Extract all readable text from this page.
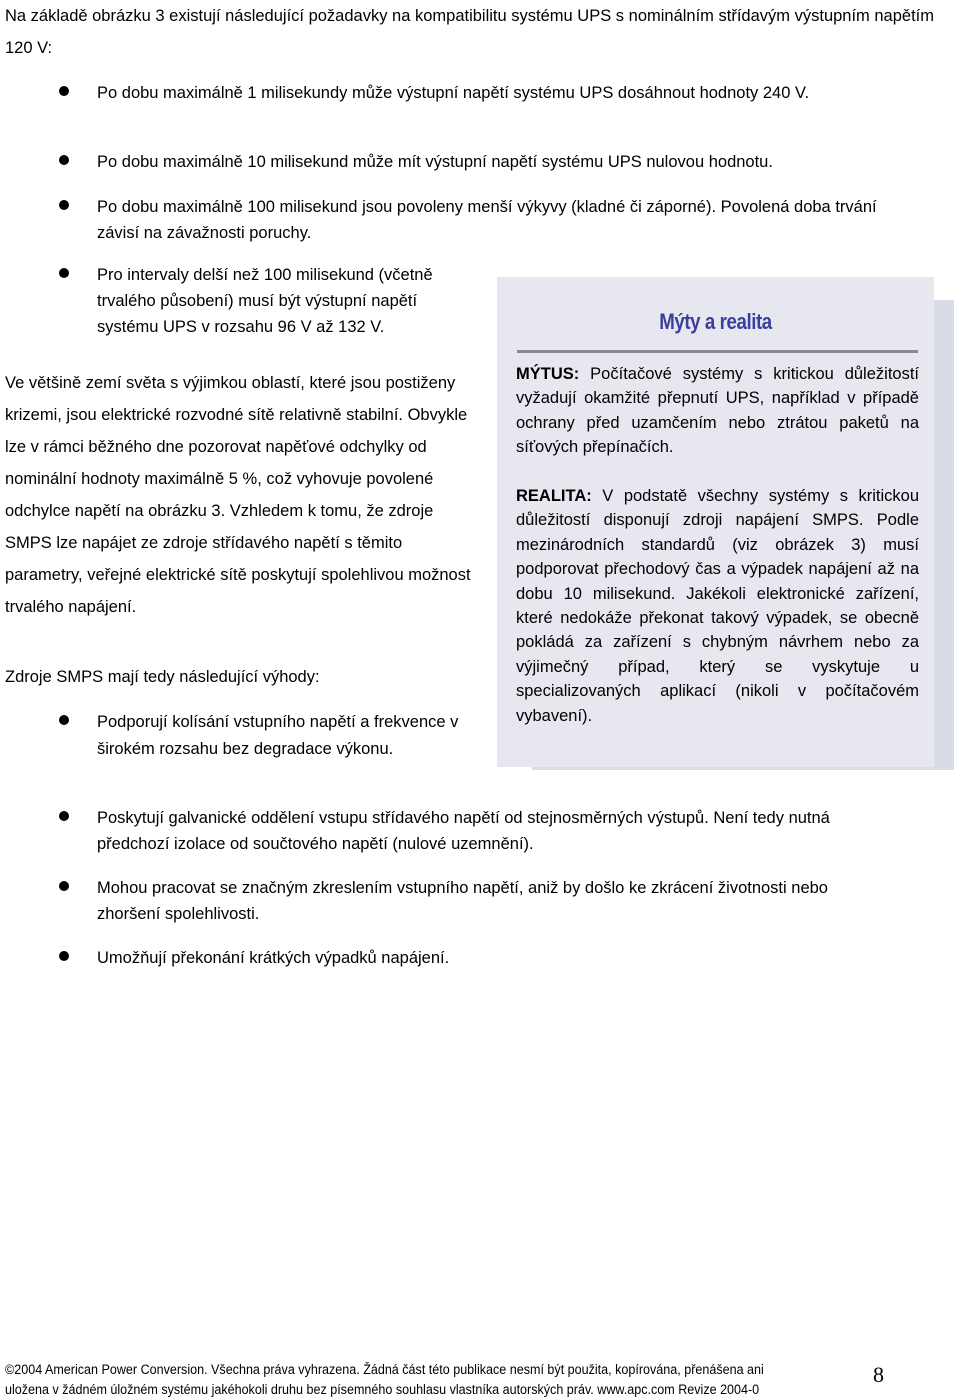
Na základě obrázku 3 existují následující požadavky na kompatibilitu systému UPS s nominálním střídavým výstupním napětím 120 V:

Po dobu maximálně 1 milisekundy může výstupní napětí systému UPS dosáhnout hodnoty 240 V.

Po dobu maximálně 10 milisekund může mít výstupní napětí systému UPS nulovou hodnotu.

Po dobu maximálně 100 milisekund jsou povoleny menší výkyvy (kladné či záporné). Povolená doba trvání závisí na závažnosti poruchy.

Pro intervaly delší než 100 milisekund (včetně trvalého působení) musí být výstupní napětí systému UPS v rozsahu 96 V až 132 V.

Ve většině zemí světa s výjimkou oblastí, které jsou postiženy krizemi, jsou elektrické rozvodné sítě relativně stabilní. Obvykle lze v rámci běžného dne pozorovat napěťové odchylky od nominální hodnoty maximálně 5 %, což vyhovuje povolené odchylce napětí na obrázku 3. Vzhledem k tomu, že zdroje SMPS lze napájet ze zdroje střídavého napětí s těmito parametry, veřejné elektrické sítě poskytují spolehlivou možnost trvalého napájení.

Zdroje SMPS mají tedy následující výhody:

Podporují kolísání vstupního napětí a frekvence v širokém rozsahu bez degradace výkonu.

Poskytují galvanické oddělení vstupu střídavého napětí od stejnosměrných výstupů. Není tedy nutná předchozí izolace od součtového napětí (nulové uzemnění).

Mohou pracovat se značným zkreslením vstupního napětí, aniž by došlo ke zkrácení životnosti nebo zhoršení spolehlivosti.

Umožňují překonání krátkých výpadků napájení.

Mýty a realita

MÝTUS: Počítačové systémy s kritickou důležitostí vyžadují okamžité přepnutí UPS, například v případě ochrany před uzamčením nebo ztrátou paketů na síťových přepínačích.

REALITA: V podstatě všechny systémy s kritickou důležitostí disponují zdroji napájení SMPS. Podle mezinárodních standardů (viz obrázek 3) musí podporovat přechodový čas a výpadek napájení až na dobu 10 milisekund. Jakékoli elektronické zařízení, které nedokáže překonat takový výpadek, se obecně pokládá za zařízení s chybným návrhem nebo za výjimečný případ, který se vyskytuje u specializovaných aplikací (nikoli v počítačovém vybavení).

©2004 American Power Conversion. Všechna práva vyhrazena. Žádná část této publikace nesmí být použita, kopírována, přenášena ani
uložena v žádném úložném systému jakéhokoli druhu bez písemného souhlasu vlastníka autorských práv. www.apc.com Revize 2004-0
8
